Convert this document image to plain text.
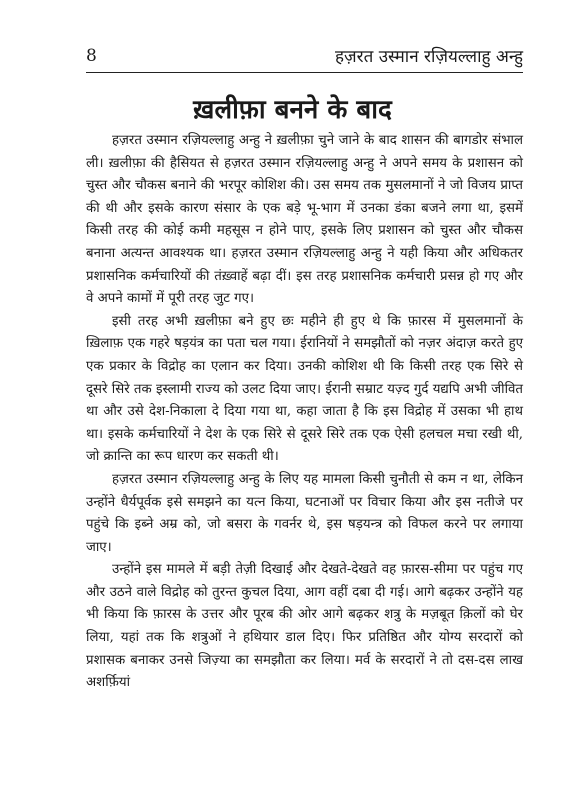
8	हज़रत उस्मान रज़ियल्लाहु अन्हु
ख़लीफ़ा बनने के बाद

हज़रत उस्मान रज़ियल्लाहु अन्हु ने ख़लीफ़ा चुने जाने के बाद शासन की बागडोर संभाल ली। ख़लीफ़ा की हैसियत से हज़रत उस्मान रज़ियल्लाहु अन्हु ने अपने समय के प्रशासन को चुस्त और चौकस बनाने की भरपूर कोशिश की। उस समय तक मुसलमानों ने जो विजय प्राप्त की थी और इसके कारण संसार के एक बड़े भू-भाग में उनका डंका बजने लगा था, इसमें किसी तरह की कोई कमी महसूस न होने पाए, इसके लिए प्रशासन को चुस्त और चौकस बनाना अत्यन्त आवश्यक था। हज़रत उस्मान रज़ियल्लाहु अन्हु ने यही किया और अधिकतर प्रशासनिक कर्मचारियों की तंख़्वाहें बढ़ा दीं। इस तरह प्रशासनिक कर्मचारी प्रसन्न हो गए और वे अपने कामों में पूरी तरह जुट गए।

इसी तरह अभी ख़लीफ़ा बने हुए छः महीने ही हुए थे कि फ़ारस में मुसलमानों के ख़िलाफ़ एक गहरे षड़यंत्र का पता चल गया। ईरानियों ने समझौतों को नज़र अंदाज़ करते हुए एक प्रकार के विद्रोह का एलान कर दिया। उनकी कोशिश थी कि किसी तरह एक सिरे से दूसरे सिरे तक इस्लामी राज्य को उलट दिया जाए। ईरानी सम्राट यज़्द गुर्द यद्यपि अभी जीवित था और उसे देश-निकाला दे दिया गया था, कहा जाता है कि इस विद्रोह में उसका भी हाथ था। इसके कर्मचारियों ने देश के एक सिरे से दूसरे सिरे तक एक ऐसी हलचल मचा रखी थी, जो क्रान्ति का रूप धारण कर सकती थी।

हज़रत उस्मान रज़ियल्लाहु अन्हु के लिए यह मामला किसी चुनौती से कम न था, लेकिन उन्होंने धैर्यपूर्वक इसे समझने का यत्न किया, घटनाओं पर विचार किया और इस नतीजे पर पहुंचे कि इब्ने अम्र को, जो बसरा के गवर्नर थे, इस षड़यन्त्र को विफल करने पर लगाया जाए।

उन्होंने इस मामले में बड़ी तेज़ी दिखाई और देखते-देखते वह फ़ारस-सीमा पर पहुंच गए और उठने वाले विद्रोह को तुरन्त कुचल दिया, आग वहीं दबा दी गई। आगे बढ़कर उन्होंने यह भी किया कि फ़ारस के उत्तर और पूरब की ओर आगे बढ़कर शत्रु के मज़बूत क़िलों को घेर लिया, यहां तक कि शत्रुओं ने हथियार डाल दिए। फिर प्रतिष्ठित और योग्य सरदारों को प्रशासक बनाकर उनसे जिज़्या का समझौता कर लिया। मर्व के सरदारों ने तो दस-दस लाख अशर्फ़ियां
